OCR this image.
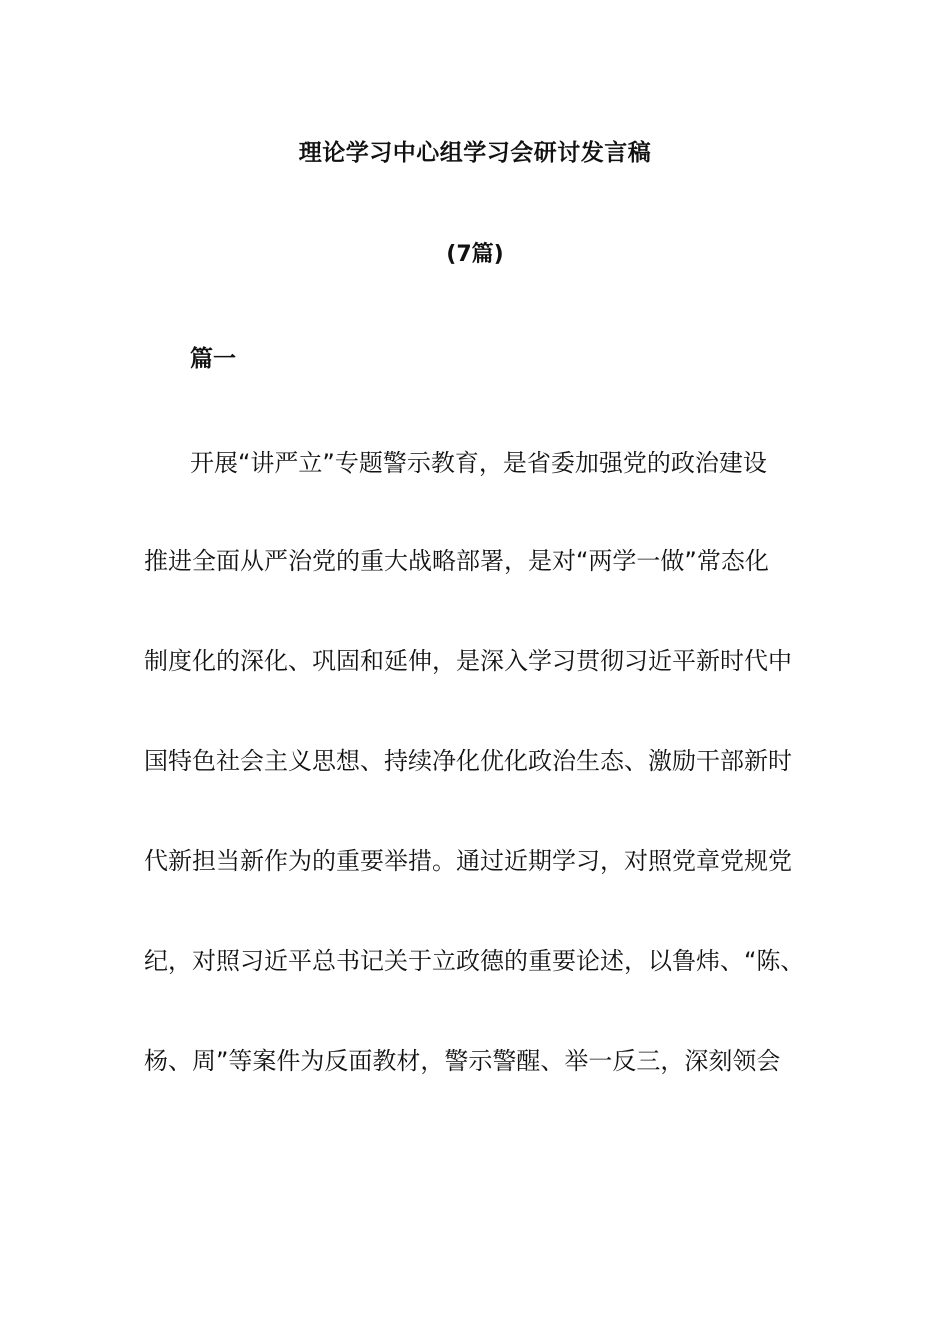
理论学习中心组学习会研讨发言稿
(7篇)
篇一
开展“讲严立”专题警示教育，是省委加强党的政治建设
推进全面从严治党的重大战略部署，是对“两学一做”常态化
制度化的深化、巩固和延伸，是深入学习贯彻习近平新时代中
国特色社会主义思想、持续净化优化政治生态、激励干部新时
代新担当新作为的重要举措。通过近期学习，对照党章党规党
纪，对照习近平总书记关于立政德的重要论述，以鲁炜、“陈、
杨、周”等案件为反面教材，警示警醒、举一反三，深刻领会
